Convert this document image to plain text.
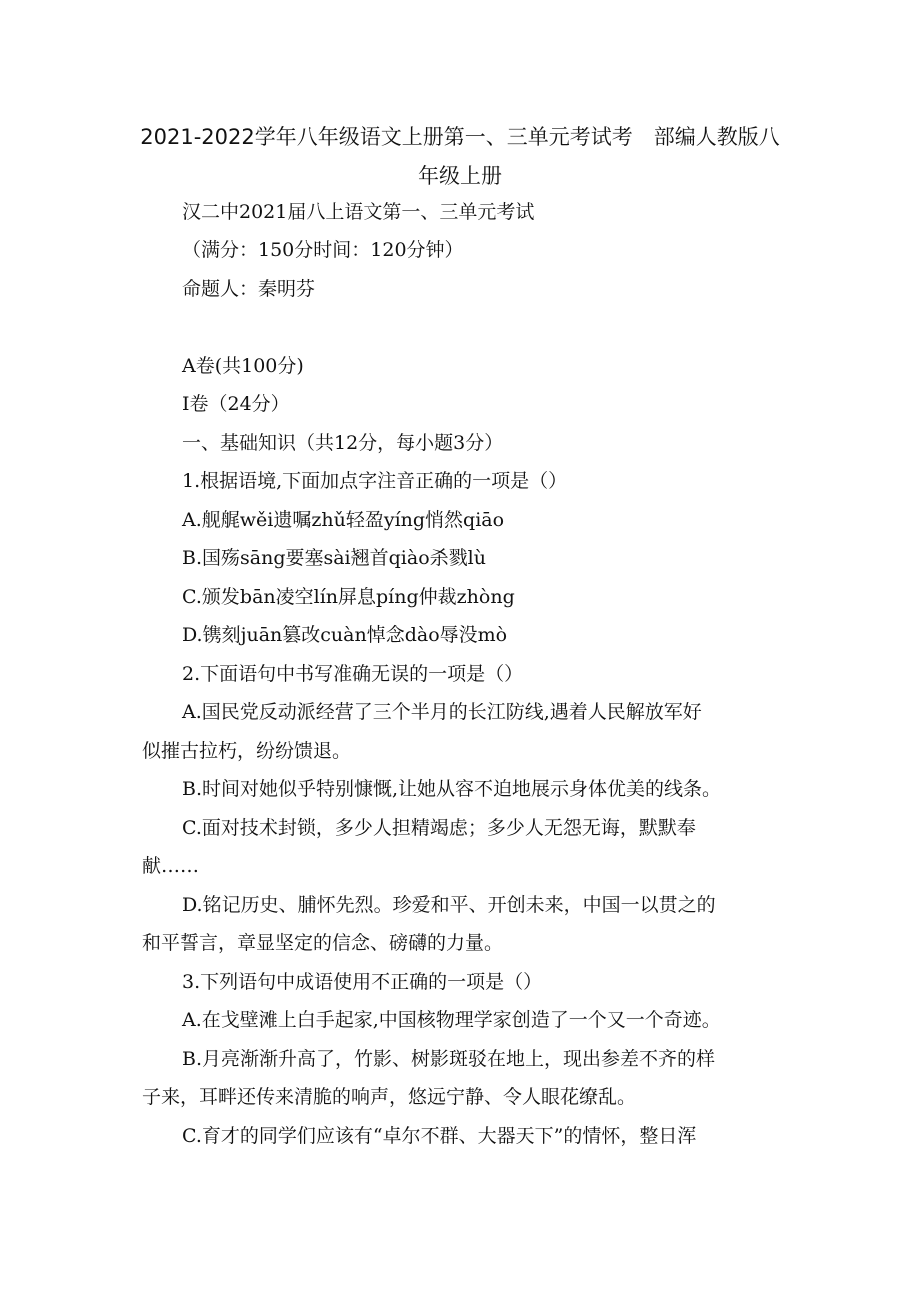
2021-2022学年八年级语文上册第一、三单元考试考　部编人教版八
年级上册
汉二中2021届八上语文第一、三单元考试
（满分：150分时间：120分钟）
命题人：秦明芬
A卷(共100分)
I卷（24分）
一、基础知识（共12分，每小题3分）
1.根据语境,下面加点字注音正确的一项是（）
A.舰艉wěi遗嘱zhǔ轻盈yíng悄然qiāo
B.国殇sāng要塞sài翘首qiào杀戮lù
C.颁发bān凌空lín屏息píng仲裁zhòng
D.镌刻juān篡改cuàn悼念dào辱没mò
2.下面语句中书写准确无误的一项是（）
A.国民党反动派经营了三个半月的长江防线,遇着人民解放军好
似摧古拉朽，纷纷馈退。
B.时间对她似乎特别慷慨,让她从容不迫地展示身体优美的线条。
C.面对技术封锁，多少人担精竭虑；多少人无怨无诲，默默奉
献……
D.铭记历史、脯怀先烈。珍爱和平、开创未来，中国一以贯之的
和平誓言，章显坚定的信念、磅礴的力量。
3.下列语句中成语使用不正确的一项是（）
A.在戈壁滩上白手起家,中国核物理学家创造了一个又一个奇迹。
B.月亮渐渐升高了，竹影、树影斑驳在地上，现出参差不齐的样
子来，耳畔还传来清脆的响声，悠远宁静、令人眼花缭乱。
C.育才的同学们应该有“卓尔不群、大器天下”的情怀，整日浑
